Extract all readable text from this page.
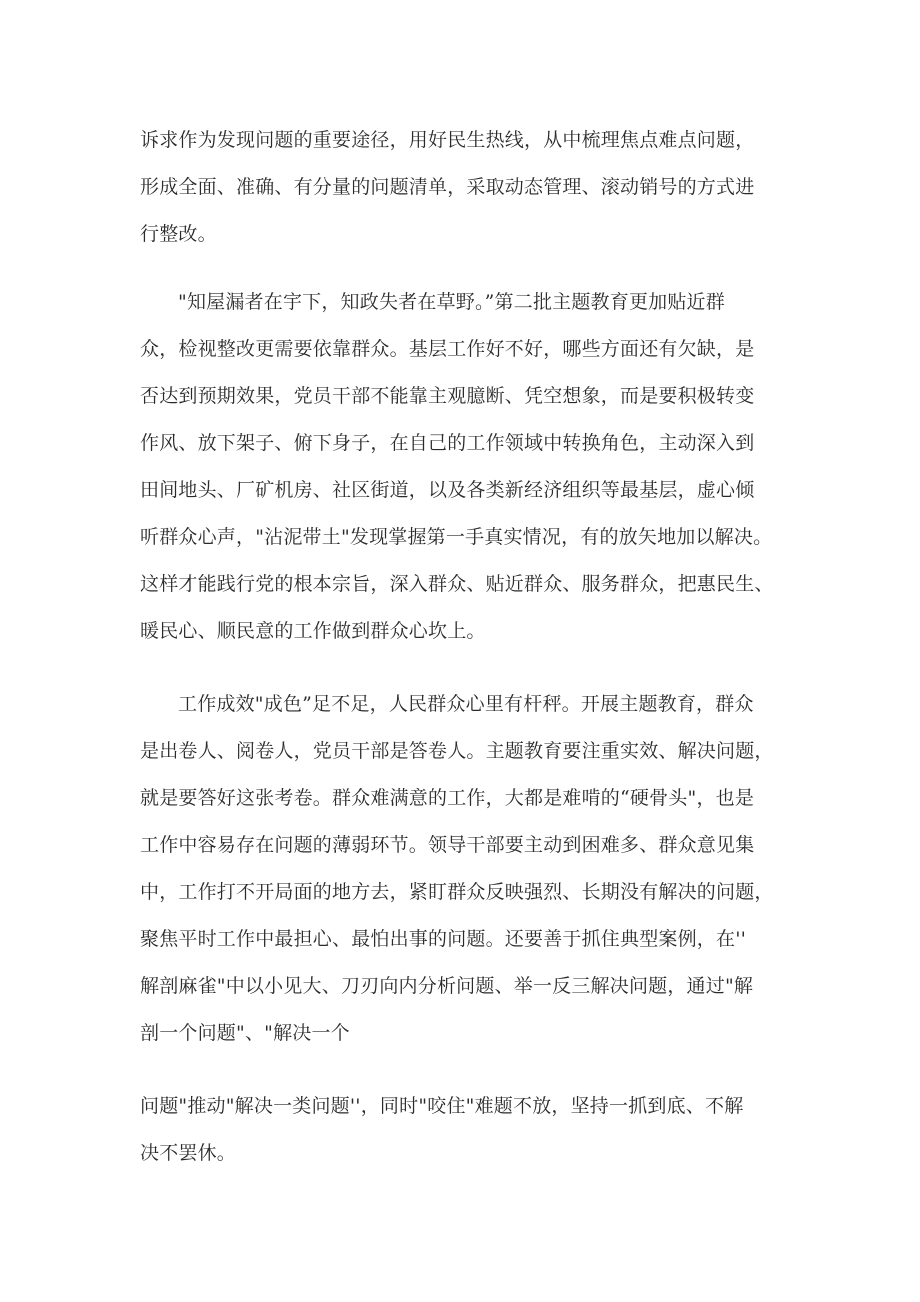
诉求作为发现问题的重要途径，用好民生热线，从中梳理焦点难点问题，
形成全面、准确、有分量的问题清单，采取动态管理、滚动销号的方式进
行整改。
"知屋漏者在宇下，知政失者在草野。”第二批主题教育更加贴近群
众，检视整改更需要依靠群众。基层工作好不好，哪些方面还有欠缺，是
否达到预期效果，党员干部不能靠主观臆断、凭空想象，而是要积极转变
作风、放下架子、俯下身子，在自己的工作领域中转换角色，主动深入到
田间地头、厂矿机房、社区街道，以及各类新经济组织等最基层，虚心倾
听群众心声，"沾泥带土"发现掌握第一手真实情况，有的放矢地加以解决。
这样才能践行党的根本宗旨，深入群众、贴近群众、服务群众，把惠民生、
暖民心、顺民意的工作做到群众心坎上。
工作成效"成色”足不足，人民群众心里有杆秤。开展主题教育，群众
是出卷人、阅卷人，党员干部是答卷人。主题教育要注重实效、解决问题，
就是要答好这张考卷。群众难满意的工作，大都是难啃的“硬骨头"，也是
工作中容易存在问题的薄弱环节。领导干部要主动到困难多、群众意见集
中，工作打不开局面的地方去，紧盯群众反映强烈、长期没有解决的问题，
聚焦平时工作中最担心、最怕出事的问题。还要善于抓住典型案例，在''
解剖麻雀"中以小见大、刀刃向内分析问题、举一反三解决问题，通过"解
剖一个问题"、"解决一个
问题"推动"解决一类问题''，同时"咬住"难题不放，坚持一抓到底、不解
决不罢休。
